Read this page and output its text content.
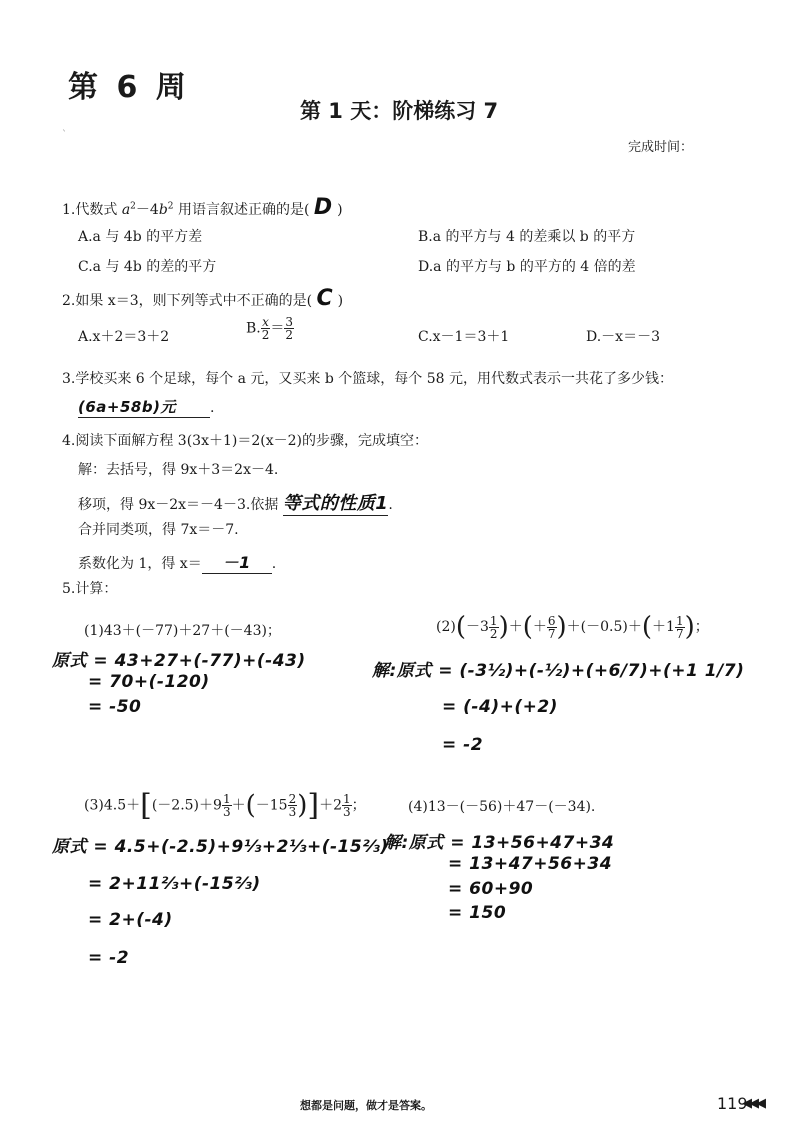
第 6 周
`
第 1 天：阶梯练习 7
完成时间：
1.代数式 $a^2-4b^2$ 用语言叙述正确的是( D )
A.a 与 4b 的平方差	B.a 的平方与 4 的差乘以 b 的平方
C.a 与 4b 的差的平方	D.a 的平方与 b 的平方的 4 倍的差
2.如果 x＝3，则下列等式中不正确的是( C )
A.x＋2＝3＋2
B. $\frac{x}{2} = \frac{3}{2}$	C.x－1＝3＋1	D.－x＝－3
3.学校买来 6 个足球，每个 a 元，又买来 b 个篮球，每个 58 元，用代数式表示一共花了多少钱：
(6a+58b)元 .
4.阅读下面解方程 3(3x＋1)＝2(x－2)的步骤，完成填空：
解：去括号，得 9x＋3＝2x－4.
移项，得 9x－2x＝－4－3.依据 等式的性质1.
合并同类项，得 7x＝－7.
系数化为 1，得 x＝ －1 .
5.计算：
(1)43＋(－77)＋27＋(－43)；
原式 = 43+27+(-77)+(-43)
= 70+(-120)
= -50
$(2)(-3 \frac{1}{2}$ )＋(＋ $\frac{6}{7} )+(-0.5)+(+1 \frac{1}{7}$ )；
解:原式 = (-3½)+(-½)+(+6/7)+(+1 1/7)
= (-4)+(+2)
= -2
$(3)4.5+[(-2.5)+9 \frac{1}{3} +(-15 \frac{2}{3} )]+2 \frac{1}{3}$ ；
原式 = 4.5+(-2.5)+9⅓+2⅓+(-15⅔)
= 2+11⅔+(-15⅔)
= 2+(-4)
= -2
(4)13－(－56)＋47－(－34).
解:原式 = 13+56+47+34
= 13+47+56+34
= 60+90
= 150
想都是问题，做才是答案。	119
◀◀◀
